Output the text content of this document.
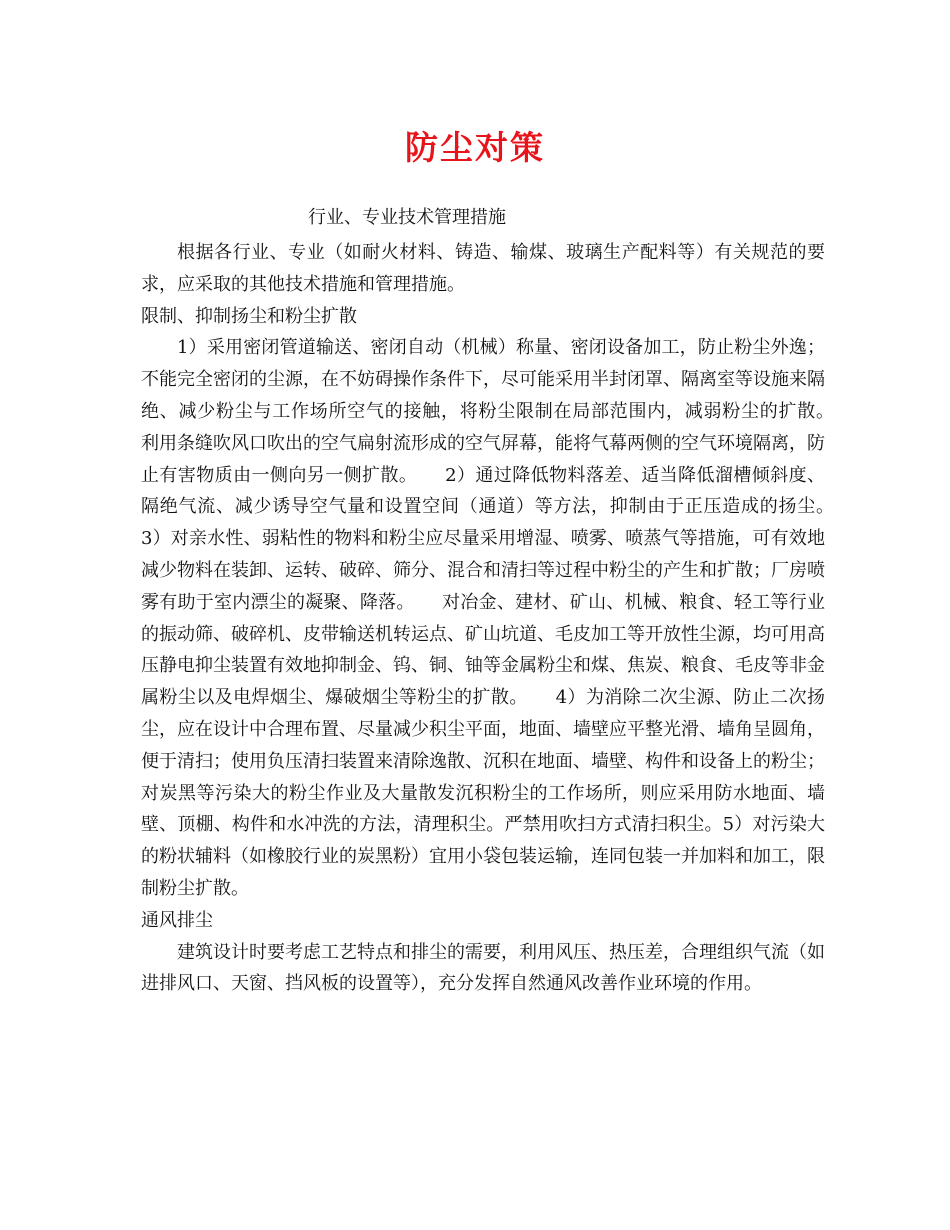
防尘对策
行业、专业技术管理措施

根据各行业、专业（如耐火材料、铸造、输煤、玻璃生产配料等）有关规范的要求，应采取的其他技术措施和管理措施。

限制、抑制扬尘和粉尘扩散

1）采用密闭管道输送、密闭自动（机械）称量、密闭设备加工，防止粉尘外逸；不能完全密闭的尘源，在不妨碍操作条件下，尽可能采用半封闭罩、隔离室等设施来隔绝、减少粉尘与工作场所空气的接触，将粉尘限制在局部范围内，减弱粉尘的扩散。　　利用条缝吹风口吹出的空气扁射流形成的空气屏幕，能将气幕两侧的空气环境隔离，防止有害物质由一侧向另一侧扩散。　　2）通过降低物料落差、适当降低溜槽倾斜度、隔绝气流、减少诱导空气量和设置空间（通道）等方法，抑制由于正压造成的扬尘。　　3）对亲水性、弱粘性的物料和粉尘应尽量采用增湿、喷雾、喷蒸气等措施，可有效地减少物料在装卸、运转、破碎、筛分、混合和清扫等过程中粉尘的产生和扩散；厂房喷雾有助于室内漂尘的凝聚、降落。　　对冶金、建材、矿山、机械、粮食、轻工等行业的振动筛、破碎机、皮带输送机转运点、矿山坑道、毛皮加工等开放性尘源，均可用高压静电抑尘装置有效地抑制金、钨、铜、铀等金属粉尘和煤、焦炭、粮食、毛皮等非金属粉尘以及电焊烟尘、爆破烟尘等粉尘的扩散。　　4）为消除二次尘源、防止二次扬尘，应在设计中合理布置、尽量减少积尘平面，地面、墙壁应平整光滑、墙角呈圆角，便于清扫；使用负压清扫装置来清除逸散、沉积在地面、墙壁、构件和设备上的粉尘；对炭黑等污染大的粉尘作业及大量散发沉积粉尘的工作场所，则应采用防水地面、墙壁、顶棚、构件和水冲洗的方法，清理积尘。严禁用吹扫方式清扫积尘。5）对污染大的粉状辅料（如橡胶行业的炭黑粉）宜用小袋包装运输，连同包装一并加料和加工，限制粉尘扩散。

通风排尘

建筑设计时要考虑工艺特点和排尘的需要，利用风压、热压差，合理组织气流（如进排风口、天窗、挡风板的设置等），充分发挥自然通风改善作业环境的作用。
